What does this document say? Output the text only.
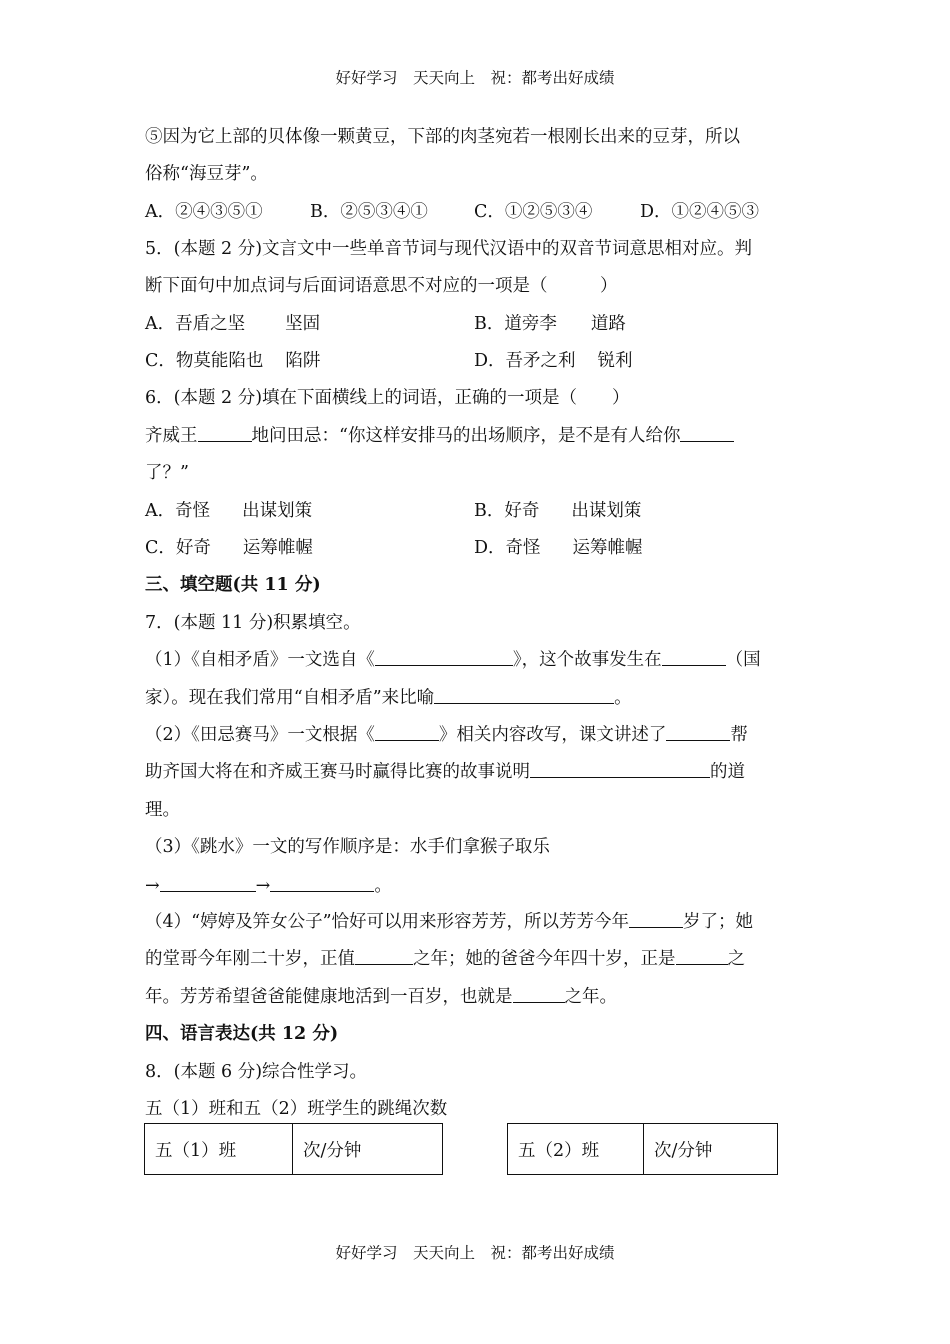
好好学习　天天向上　祝：都考出好成绩
⑤因为它上部的贝体像一颗黄豆，下部的肉茎宛若一根刚长出来的豆芽，所以
俗称“海豆芽”。
A．②④③⑤①	B．②⑤③④①	C．①②⑤③④	D．①②④⑤③
5．(本题 2 分)文言文中一些单音节词与现代汉语中的双音节词意思相对应。判
断下面句中加点词与后面词语意思不对应的一项是（　　　）
A．吾盾之坚 坚固	B．道旁李 道路
C．物莫能陷也 陷阱	D．吾矛之利 锐利
6．(本题 2 分)填在下面横线上的词语，正确的一项是（　　）
齐威王	地问田忌：“你这样安排马的出场顺序，是不是有人给你
了？”
A．奇怪 出谋划策	B．好奇 出谋划策
C．好奇 运筹帷幄	D．奇怪 运筹帷幄
三、填空题(共 11 分)
7．(本题 11 分)积累填空。
（1）《自相矛盾》一文选自《	》，这个故事发生在	（国
家）。现在我们常用“自相矛盾”来比喻	。
（2）《田忌赛马》一文根据《	》相关内容改写，课文讲述了	帮
助齐国大将在和齐威王赛马时赢得比赛的故事说明	的道
理。
（3）《跳水》一文的写作顺序是：水手们拿猴子取乐
→	→	。
（4）“婷婷及笄女公子”恰好可以用来形容芳芳，所以芳芳今年	岁了；她
的堂哥今年刚二十岁，正值	之年；她的爸爸今年四十岁，正是	之
年。芳芳希望爸爸能健康地活到一百岁，也就是	之年。
四、语言表达(共 12 分)
8．(本题 6 分)综合性学习。
五（1）班和五（2）班学生的跳绳次数
五（1）班	次/分钟	五（2）班	次/分钟
好好学习　天天向上　祝：都考出好成绩
